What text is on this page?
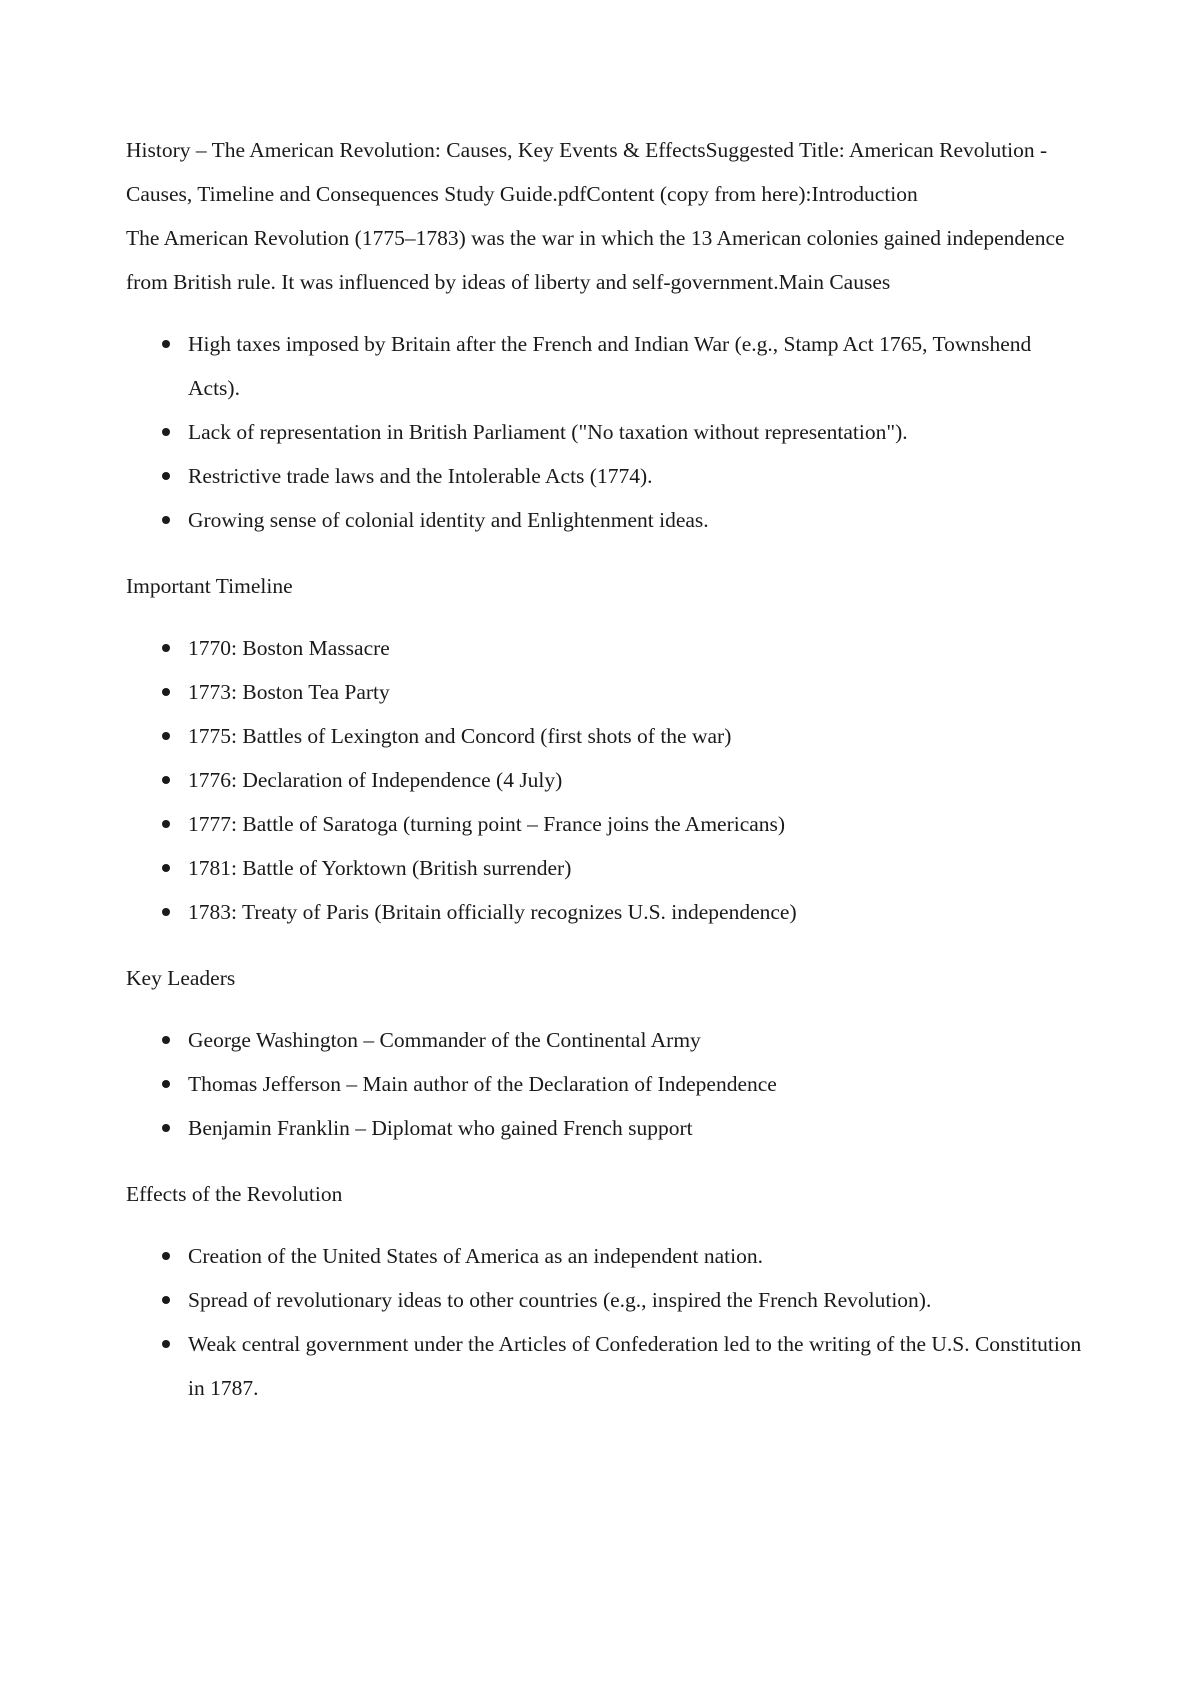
History – The American Revolution: Causes, Key Events & EffectsSuggested Title: American Revolution - Causes, Timeline and Consequences Study Guide.pdfContent (copy from here):Introduction

The American Revolution (1775–1783) was the war in which the 13 American colonies gained independence from British rule. It was influenced by ideas of liberty and self-government.Main Causes

High taxes imposed by Britain after the French and Indian War (e.g., Stamp Act 1765, Townshend Acts).
Lack of representation in British Parliament ("No taxation without representation").
Restrictive trade laws and the Intolerable Acts (1774).
Growing sense of colonial identity and Enlightenment ideas.

Important Timeline

1770: Boston Massacre
1773: Boston Tea Party
1775: Battles of Lexington and Concord (first shots of the war)
1776: Declaration of Independence (4 July)
1777: Battle of Saratoga (turning point – France joins the Americans)
1781: Battle of Yorktown (British surrender)
1783: Treaty of Paris (Britain officially recognizes U.S. independence)

Key Leaders

George Washington – Commander of the Continental Army
Thomas Jefferson – Main author of the Declaration of Independence
Benjamin Franklin – Diplomat who gained French support

Effects of the Revolution

Creation of the United States of America as an independent nation.
Spread of revolutionary ideas to other countries (e.g., inspired the French Revolution).
Weak central government under the Articles of Confederation led to the writing of the U.S. Constitution in 1787.
